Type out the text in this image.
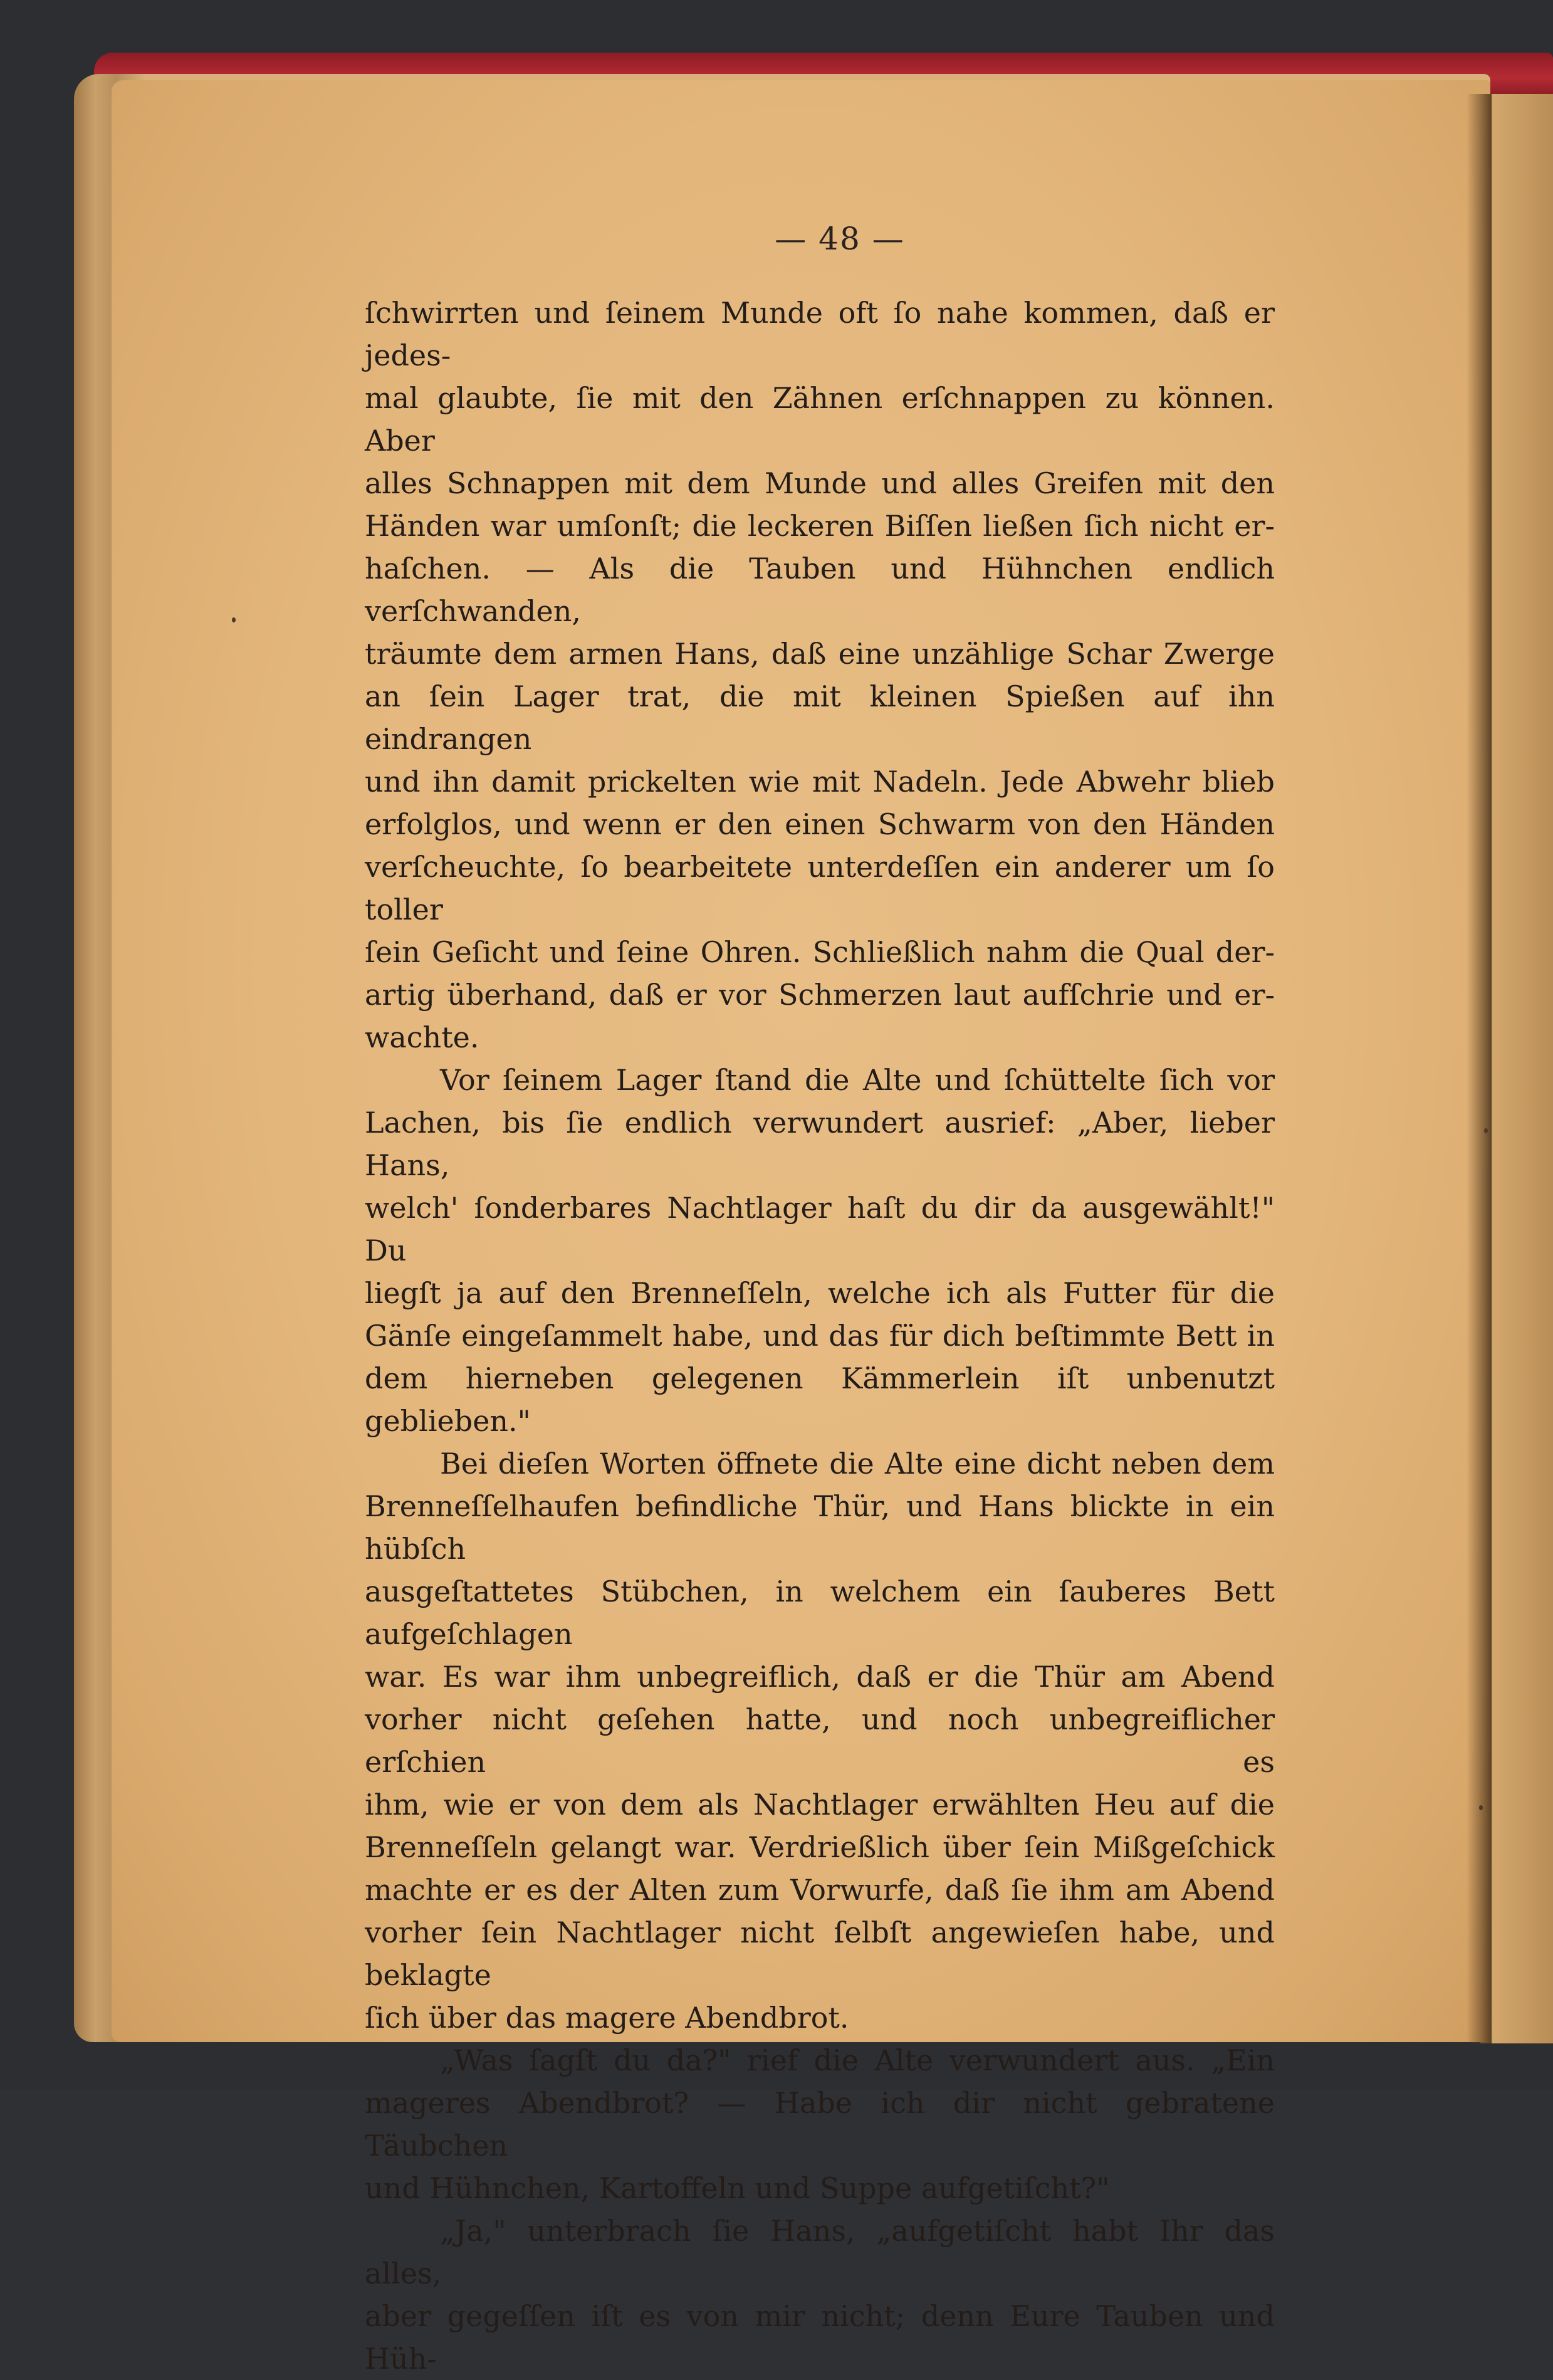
— 48 —

ſchwirrten und ſeinem Munde oft ſo nahe kommen, daß er jedes-

mal glaubte, ſie mit den Zähnen erſchnappen zu können. Aber

alles Schnappen mit dem Munde und alles Greifen mit den

Händen war umſonſt; die leckeren Biſſen ließen ſich nicht er-

haſchen. — Als die Tauben und Hühnchen endlich verſchwanden,

träumte dem armen Hans, daß eine unzählige Schar Zwerge

an ſein Lager trat, die mit kleinen Spießen auf ihn eindrangen

und ihn damit prickelten wie mit Nadeln. Jede Abwehr blieb

erfolglos, und wenn er den einen Schwarm von den Händen

verſcheuchte, ſo bearbeitete unterdeſſen ein anderer um ſo toller

ſein Geſicht und ſeine Ohren. Schließlich nahm die Qual der-

artig überhand, daß er vor Schmerzen laut aufſchrie und er-

wachte.

Vor ſeinem Lager ſtand die Alte und ſchüttelte ſich vor

Lachen, bis ſie endlich verwundert ausrief: „Aber, lieber Hans,

welch' ſonderbares Nachtlager haſt du dir da ausgewählt!" Du

liegſt ja auf den Brenneſſeln, welche ich als Futter für die

Gänſe eingeſammelt habe, und das für dich beſtimmte Bett in

dem hierneben gelegenen Kämmerlein iſt unbenutzt geblieben."

Bei dieſen Worten öffnete die Alte eine dicht neben dem

Brenneſſelhaufen befindliche Thür, und Hans blickte in ein hübſch

ausgeſtattetes Stübchen, in welchem ein ſauberes Bett aufgeſchlagen

war. Es war ihm unbegreiflich, daß er die Thür am Abend

vorher nicht geſehen hatte, und noch unbegreiflicher erſchien es

ihm, wie er von dem als Nachtlager erwählten Heu auf die

Brenneſſeln gelangt war. Verdrießlich über ſein Mißgeſchick

machte er es der Alten zum Vorwurfe, daß ſie ihm am Abend

vorher ſein Nachtlager nicht ſelbſt angewieſen habe, und beklagte

ſich über das magere Abendbrot.

„Was ſagſt du da?" rief die Alte verwundert aus. „Ein

mageres Abendbrot? — Habe ich dir nicht gebratene Täubchen

und Hühnchen, Kartoffeln und Suppe aufgetiſcht?"

„Ja," unterbrach ſie Hans, „aufgetiſcht habt Ihr das alles,

aber gegeſſen iſt es von mir nicht; denn Eure Tauben und Hüh-
